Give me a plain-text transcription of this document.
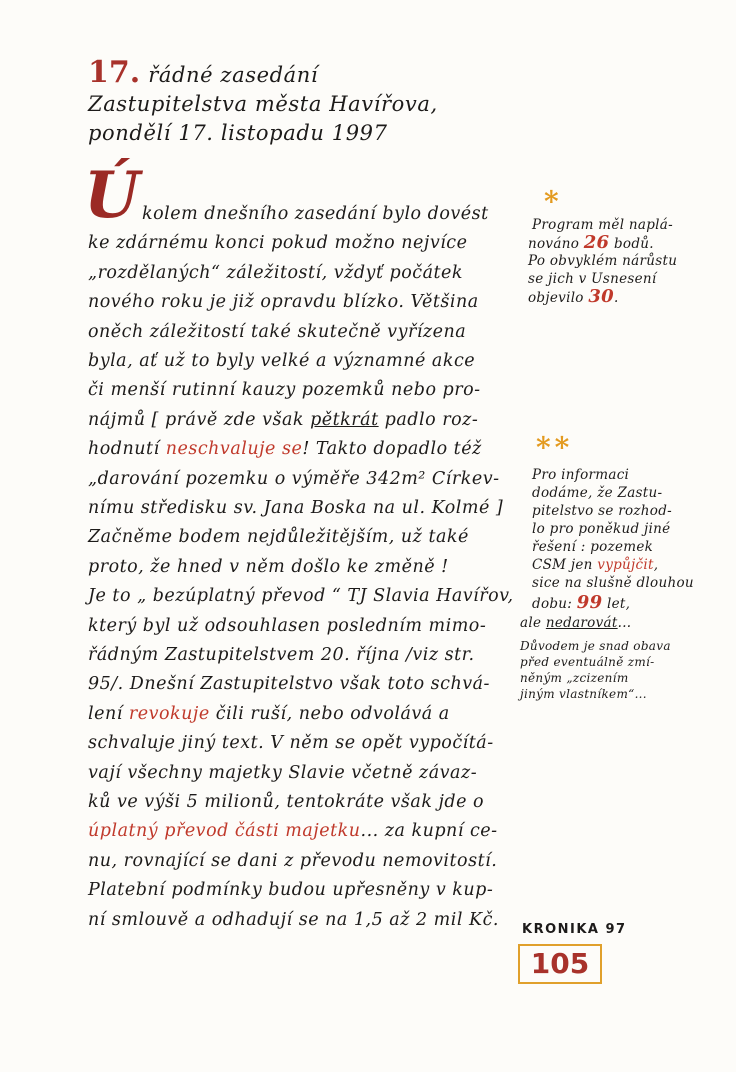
17. řádné zasedání
Zastupitelstva města Havířova,
pondělí 17. listopadu 1997
Ú kolem dnešního zasedání bylo dovést
ke zdárnému konci pokud možno nejvíce
„rozdělaných“ záležitostí, vždyť počátek
nového roku je již opravdu blízko. Většina
oněch záležitostí také skutečně vyřízena
byla, ať už to byly velké a významné akce
či menší rutinní kauzy pozemků nebo pro-
nájmů [ právě zde však pětkrát padlo roz-
hodnutí neschvaluje se! Takto dopadlo též
„darování pozemku o výměře 342m² Církev-
nímu středisku sv. Jana Boska na ul. Kolmé ]
Začněme bodem nejdůležitějším, už také
proto, že hned v něm došlo ke změně !
Je to „ bezúplatný převod “ TJ Slavia Havířov,
který byl už odsouhlasen posledním mimo-
řádným Zastupitelstvem 20. října /viz str.
95/. Dnešní Zastupitelstvo však toto schvá-
lení revokuje čili ruší, nebo odvolává a
schvaluje jiný text. V něm se opět vypočítá-
vají všechny majetky Slavie včetně závaz-
ků ve výši 5 milionů, tentokráte však jde o
úplatný převod části majetku... za kupní ce-
nu, rovnající se dani z převodu nemovitostí.
Platební podmínky budou upřesněny v kup-
ní smlouvě a odhadují se na 1,5 až 2 mil Kč.
*
Program měl naplá-
nováno 26 bodů.
Po obvyklém nárůstu
se jich v Usnesení
objevilo 30.
**
Pro informaci
dodáme, že Zastu-
pitelstvo se rozhod-
lo pro poněkud jiné
řešení : pozemek
CSM jen vypůjčit,
sice na slušně dlouhou
dobu: 99 let,
ale nedarovát...
Důvodem je snad obava
před eventuálně zmí-
něným „zcizením
jiným vlastníkem“...
KRONIKA 97
105
